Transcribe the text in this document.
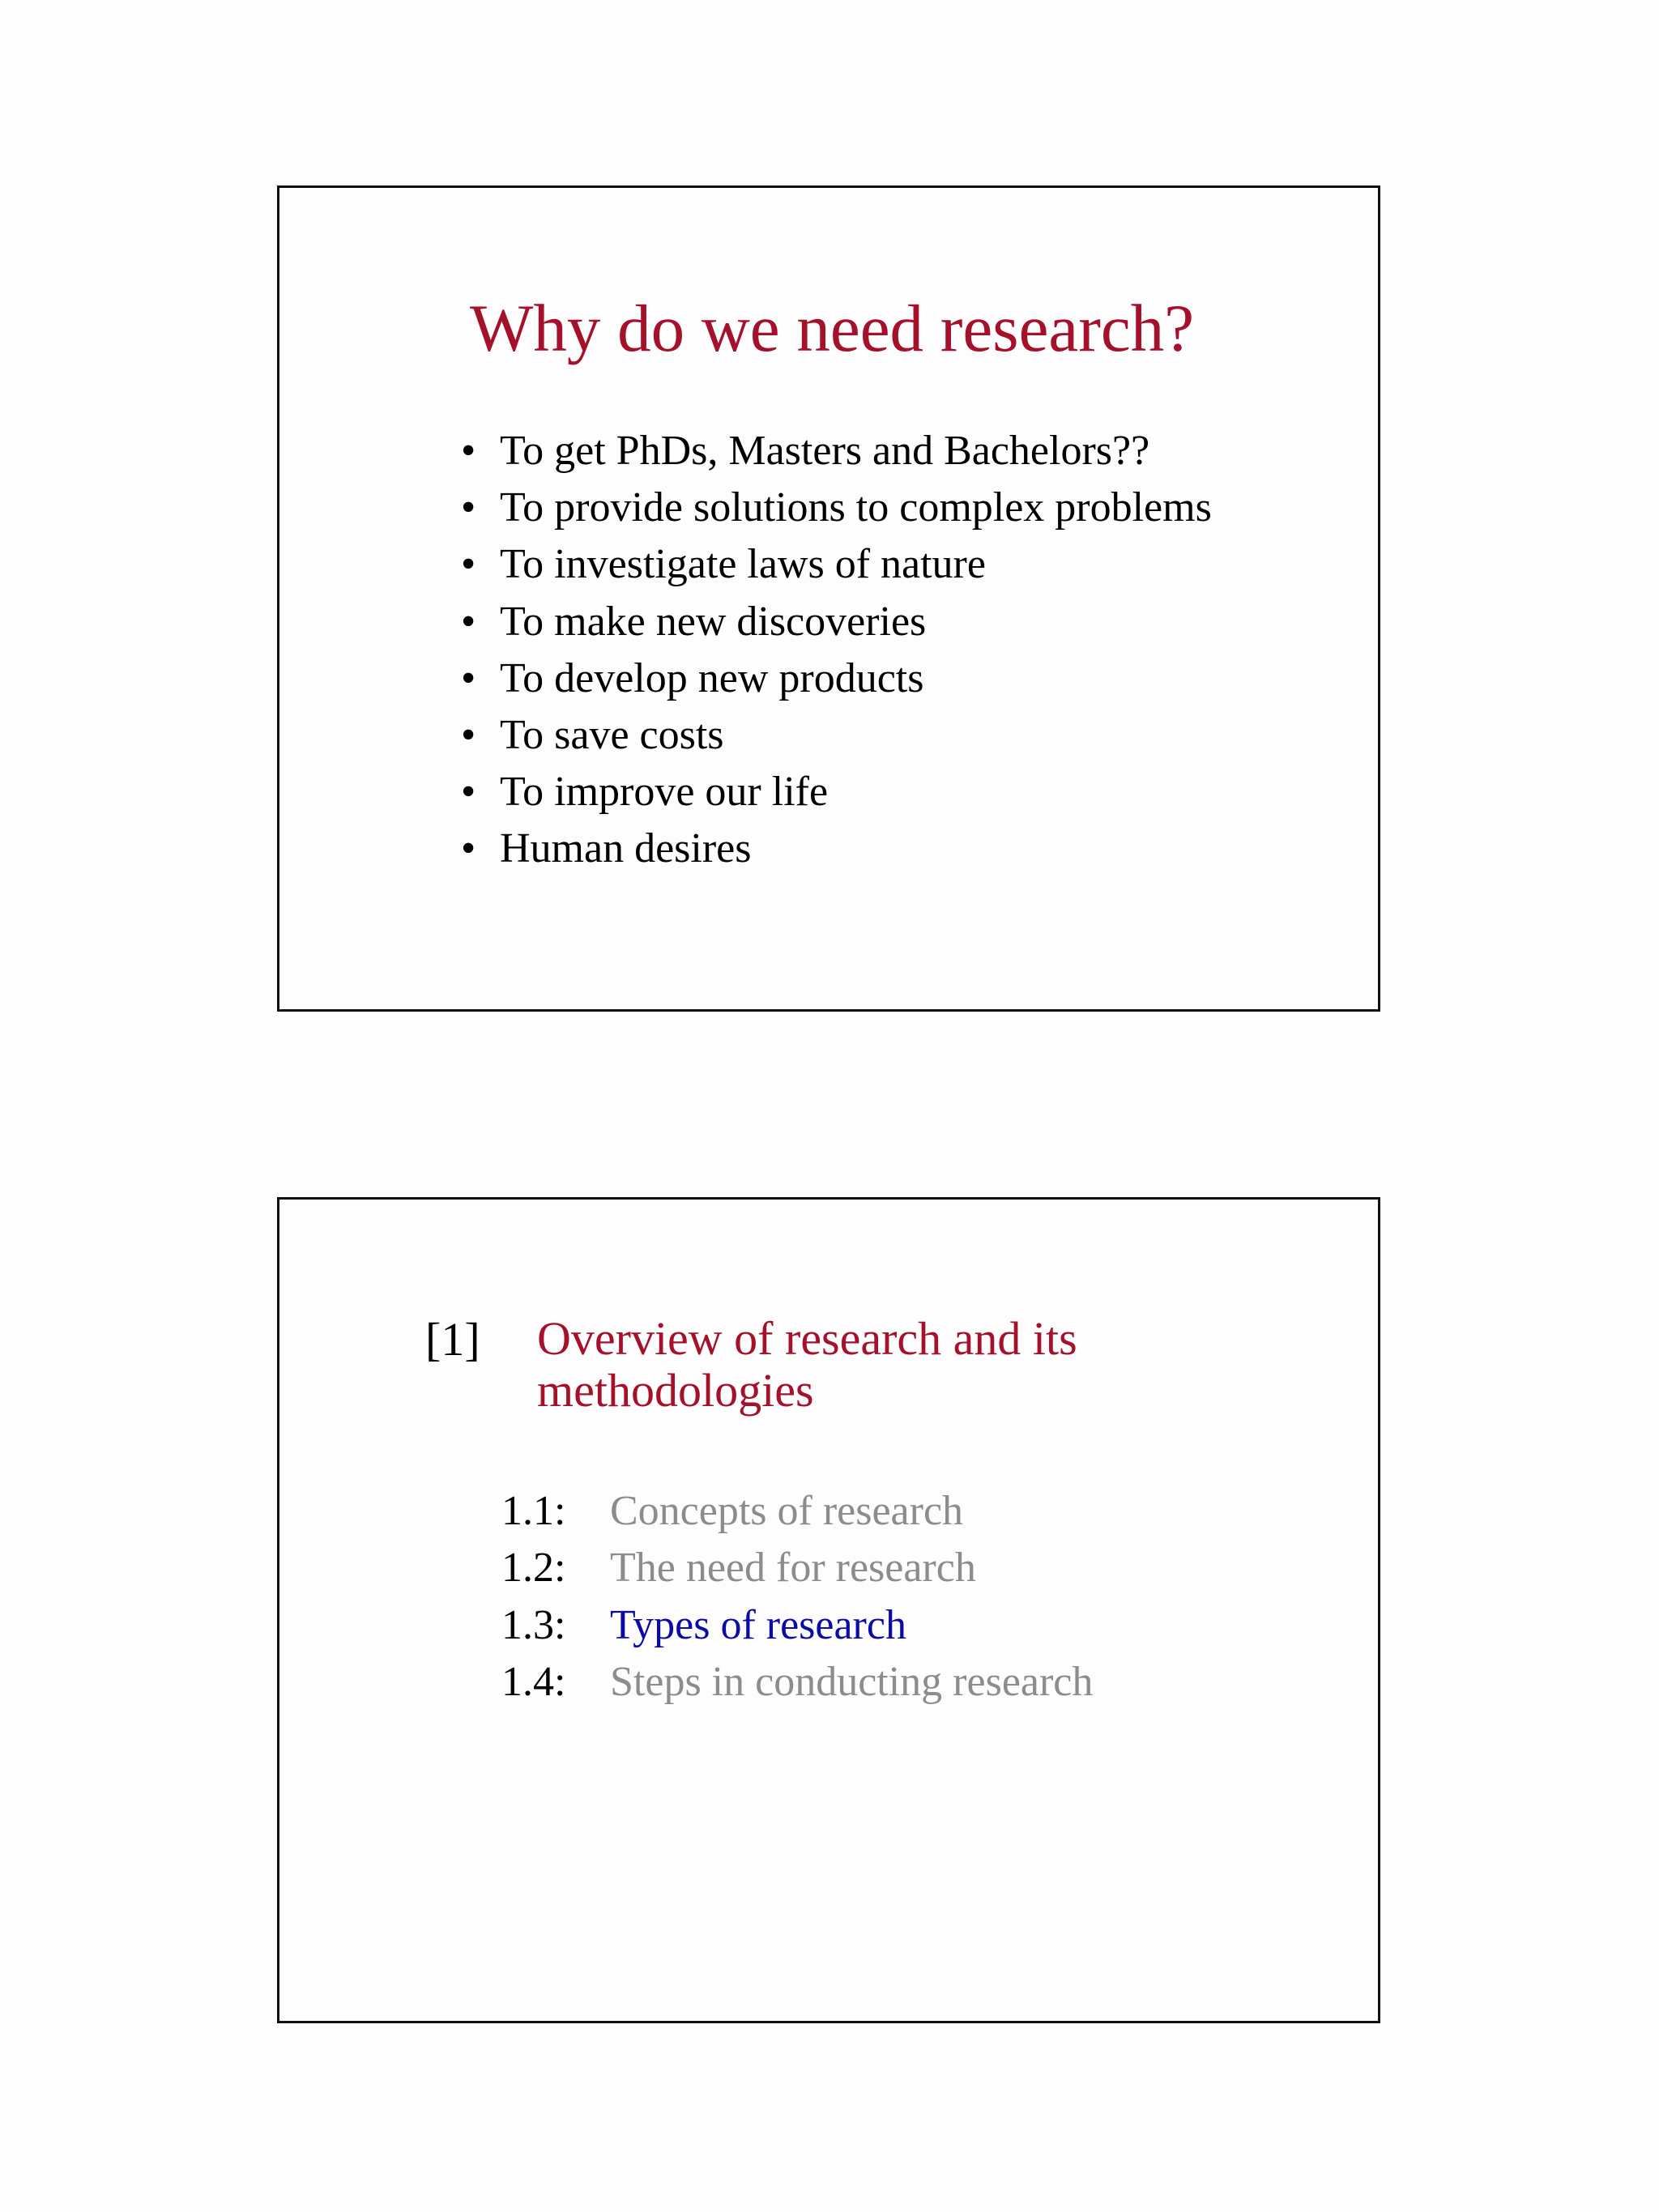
Why do we need research?
• To get PhDs, Masters and Bachelors??
• To provide solutions to complex problems
• To investigate laws of nature
• To make new discoveries
• To develop new products
• To save costs
• To improve our life
• Human desires
[1] Overview of research and its methodologies
1.1: Concepts of research
1.2: The need for research
1.3: Types of research
1.4: Steps in conducting research
